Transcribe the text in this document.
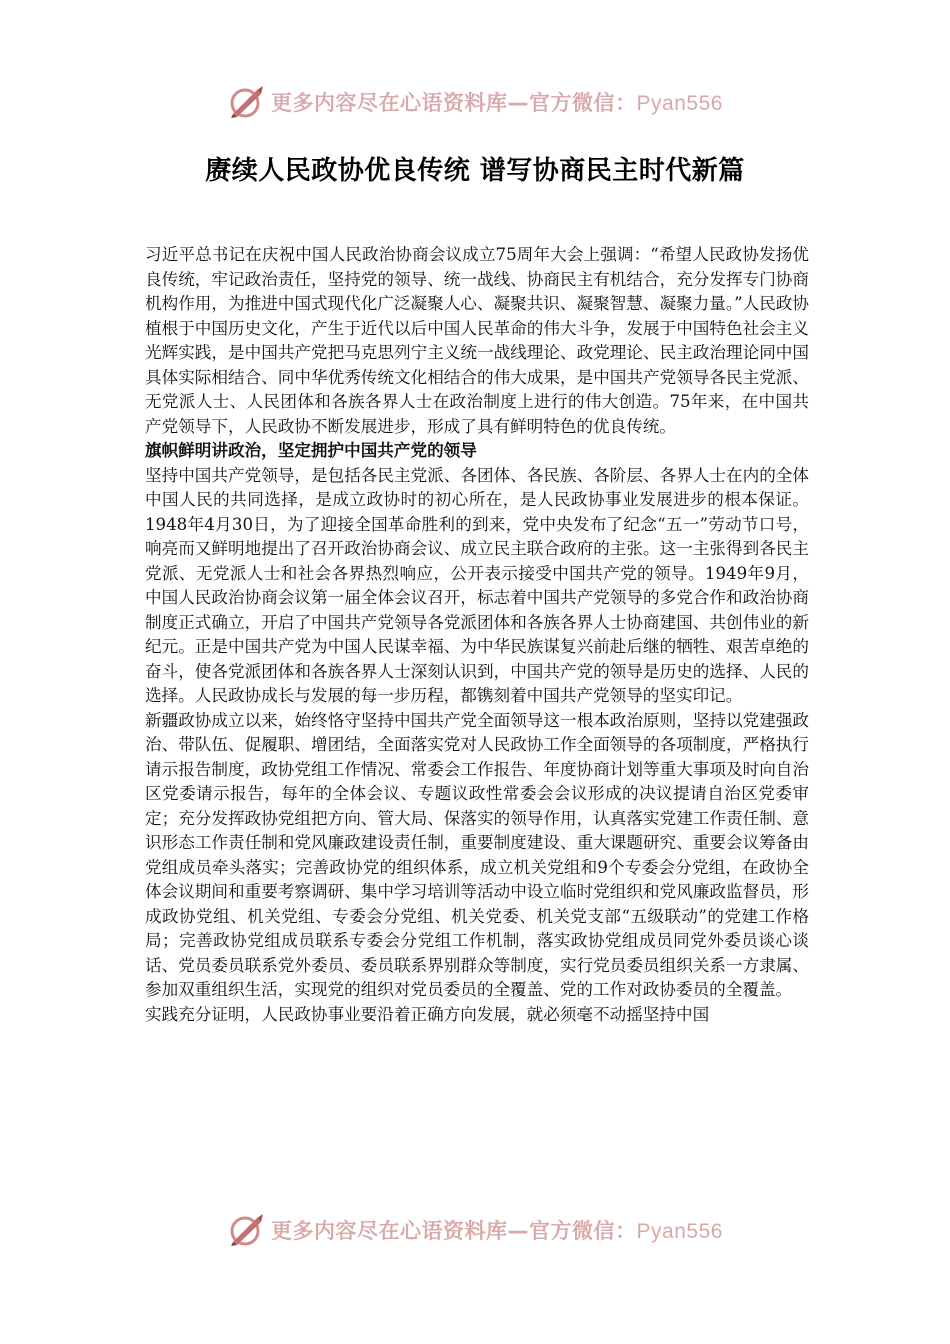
更多内容尽在心语资料库—官方微信：Pyan556
赓续人民政协优良传统 谱写协商民主时代新篇

习近平总书记在庆祝中国人民政治协商会议成立75周年大会上强调：“希望人民政协发扬优良传统，牢记政治责任，坚持党的领导、统一战线、协商民主有机结合，充分发挥专门协商机构作用，为推进中国式现代化广泛凝聚人心、凝聚共识、凝聚智慧、凝聚力量。”人民政协植根于中国历史文化，产生于近代以后中国人民革命的伟大斗争，发展于中国特色社会主义光辉实践，是中国共产党把马克思列宁主义统一战线理论、政党理论、民主政治理论同中国具体实际相结合、同中华优秀传统文化相结合的伟大成果，是中国共产党领导各民主党派、无党派人士、人民团体和各族各界人士在政治制度上进行的伟大创造。75年来，在中国共产党领导下，人民政协不断发展进步，形成了具有鲜明特色的优良传统。

旗帜鲜明讲政治，坚定拥护中国共产党的领导

坚持中国共产党领导，是包括各民主党派、各团体、各民族、各阶层、各界人士在内的全体中国人民的共同选择，是成立政协时的初心所在，是人民政协事业发展进步的根本保证。1948年4月30日，为了迎接全国革命胜利的到来，党中央发布了纪念“五一”劳动节口号，响亮而又鲜明地提出了召开政治协商会议、成立民主联合政府的主张。这一主张得到各民主党派、无党派人士和社会各界热烈响应，公开表示接受中国共产党的领导。1949年9月，中国人民政治协商会议第一届全体会议召开，标志着中国共产党领导的多党合作和政治协商制度正式确立，开启了中国共产党领导各党派团体和各族各界人士协商建国、共创伟业的新纪元。正是中国共产党为中国人民谋幸福、为中华民族谋复兴前赴后继的牺牲、艰苦卓绝的奋斗，使各党派团体和各族各界人士深刻认识到，中国共产党的领导是历史的选择、人民的选择。人民政协成长与发展的每一步历程，都镌刻着中国共产党领导的坚实印记。

新疆政协成立以来，始终恪守坚持中国共产党全面领导这一根本政治原则，坚持以党建强政治、带队伍、促履职、增团结，全面落实党对人民政协工作全面领导的各项制度，严格执行请示报告制度，政协党组工作情况、常委会工作报告、年度协商计划等重大事项及时向自治区党委请示报告，每年的全体会议、专题议政性常委会会议形成的决议提请自治区党委审定；充分发挥政协党组把方向、管大局、保落实的领导作用，认真落实党建工作责任制、意识形态工作责任制和党风廉政建设责任制，重要制度建设、重大课题研究、重要会议筹备由党组成员牵头落实；完善政协党的组织体系，成立机关党组和9个专委会分党组，在政协全体会议期间和重要考察调研、集中学习培训等活动中设立临时党组织和党风廉政监督员，形成政协党组、机关党组、专委会分党组、机关党委、机关党支部“五级联动”的党建工作格局；完善政协党组成员联系专委会分党组工作机制，落实政协党组成员同党外委员谈心谈话、党员委员联系党外委员、委员联系界别群众等制度，实行党员委员组织关系一方隶属、参加双重组织生活，实现党的组织对党员委员的全覆盖、党的工作对政协委员的全覆盖。

实践充分证明，人民政协事业要沿着正确方向发展，就必须毫不动摇坚持中国

更多内容尽在心语资料库—官方微信：Pyan556
